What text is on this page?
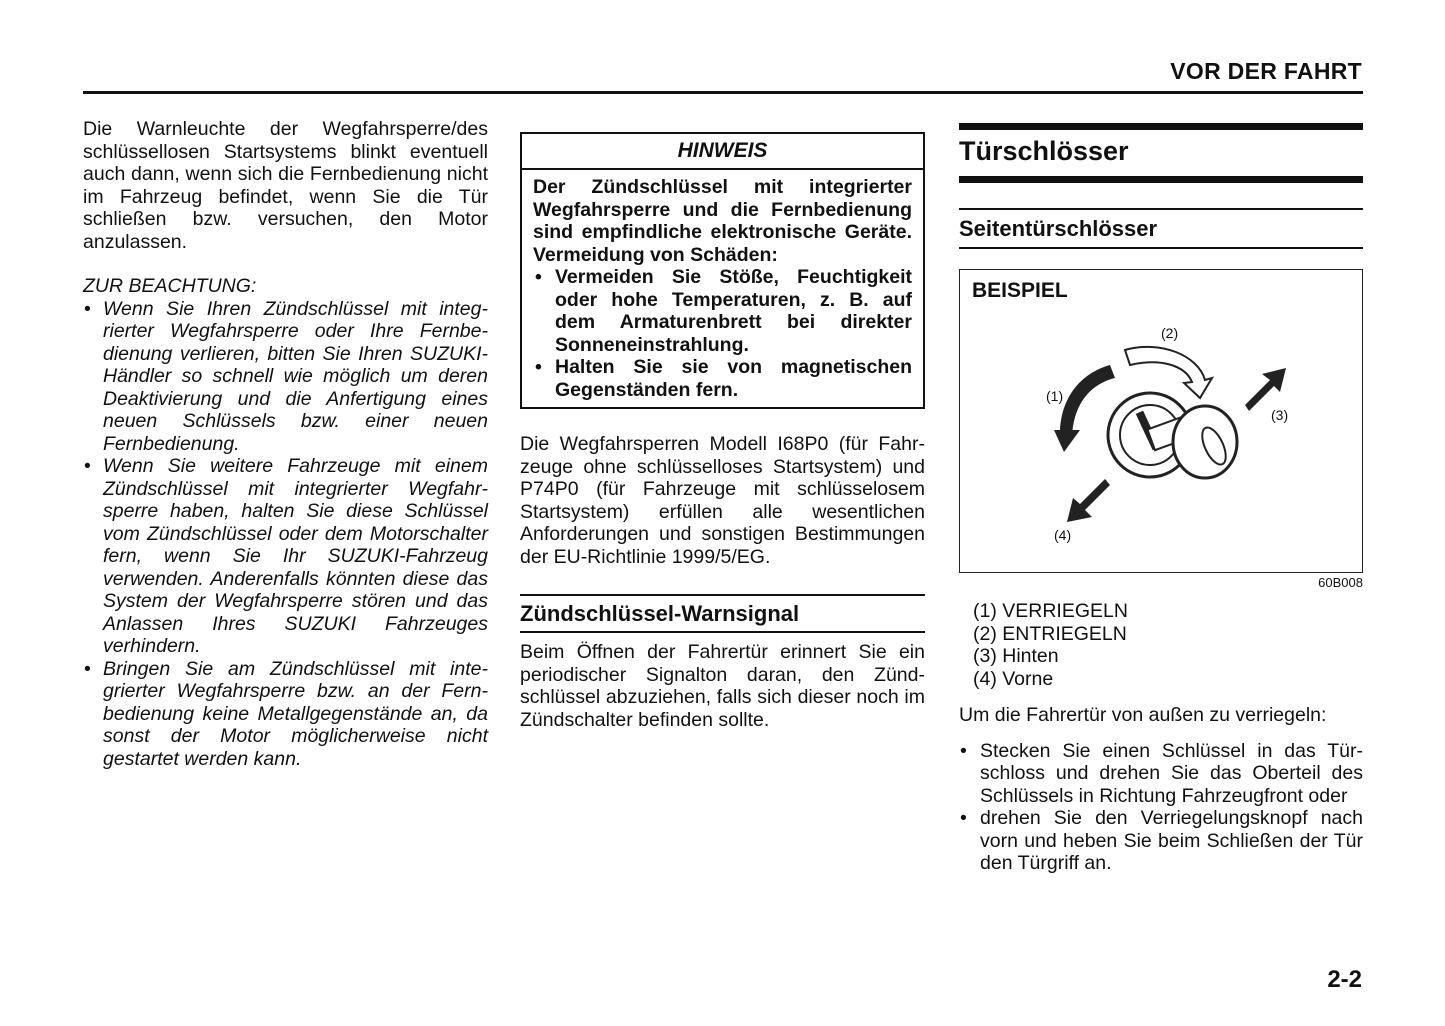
VOR DER FAHRT

Die Warnleuchte der Wegfahrsperre/des schlüssellosen Startsystems blinkt eventuell auch dann, wenn sich die Fernbedienung nicht im Fahrzeug befindet, wenn Sie die Tür schließen bzw. versuchen, den Motor anzulassen.

ZUR BEACHTUNG:

• Wenn Sie Ihren Zündschlüssel mit integrierter Wegfahrsperre oder Ihre Fernbedienung verlieren, bitten Sie Ihren SUZUKI-Händler so schnell wie möglich um deren Deaktivierung und die Anfertigung eines neuen Schlüssels bzw. einer neuen Fernbedienung.
• Wenn Sie weitere Fahrzeuge mit einem Zündschlüssel mit integrierter Wegfahrsperre haben, halten Sie diese Schlüssel vom Zündschlüssel oder dem Motorschalter fern, wenn Sie Ihr SUZUKI-Fahrzeug verwenden. Anderenfalls könnten diese das System der Wegfahrsperre stören und das Anlassen Ihres SUZUKI Fahrzeuges verhindern.
• Bringen Sie am Zündschlüssel mit integrierter Wegfahrsperre bzw. an der Fernbedienung keine Metallgegenstände an, da sonst der Motor möglicherweise nicht gestartet werden kann.
HINWEIS

Der Zündschlüssel mit integrierter Wegfahrsperre und die Fernbedienung sind empfindliche elektronische Geräte. Vermeidung von Schäden:

• Vermeiden Sie Stöße, Feuchtigkeit oder hohe Temperaturen, z. B. auf dem Armaturenbrett bei direkter Sonneneinstrahlung.
• Halten Sie sie von magnetischen Gegenständen fern.

Die Wegfahrsperren Modell I68P0 (für Fahrzeuge ohne schlüsselloses Startsystem) und P74P0 (für Fahrzeuge mit schlüsselosem Startsystem) erfüllen alle wesentlichen Anforderungen und sonstigen Bestimmungen der EU-Richtlinie 1999/5/EG.

Zündschlüssel-Warnsignal

Beim Öffnen der Fahrertür erinnert Sie ein periodischer Signalton daran, den Zündschlüssel abzuziehen, falls sich dieser noch im Zündschalter befinden sollte.

Türschlösser
Seitentürschlösser
BEISPIEL
(1)
(2)
(3)
(4)
60B008
(1) VERRIEGELN
(2) ENTRIEGELN
(3) Hinten
(4) Vorne

Um die Fahrertür von außen zu verriegeln:

• Stecken Sie einen Schlüssel in das Türschloss und drehen Sie das Oberteil des Schlüssels in Richtung Fahrzeugfront oder
• drehen Sie den Verriegelungsknopf nach vorn und heben Sie beim Schließen der Tür den Türgriff an.
2-2
